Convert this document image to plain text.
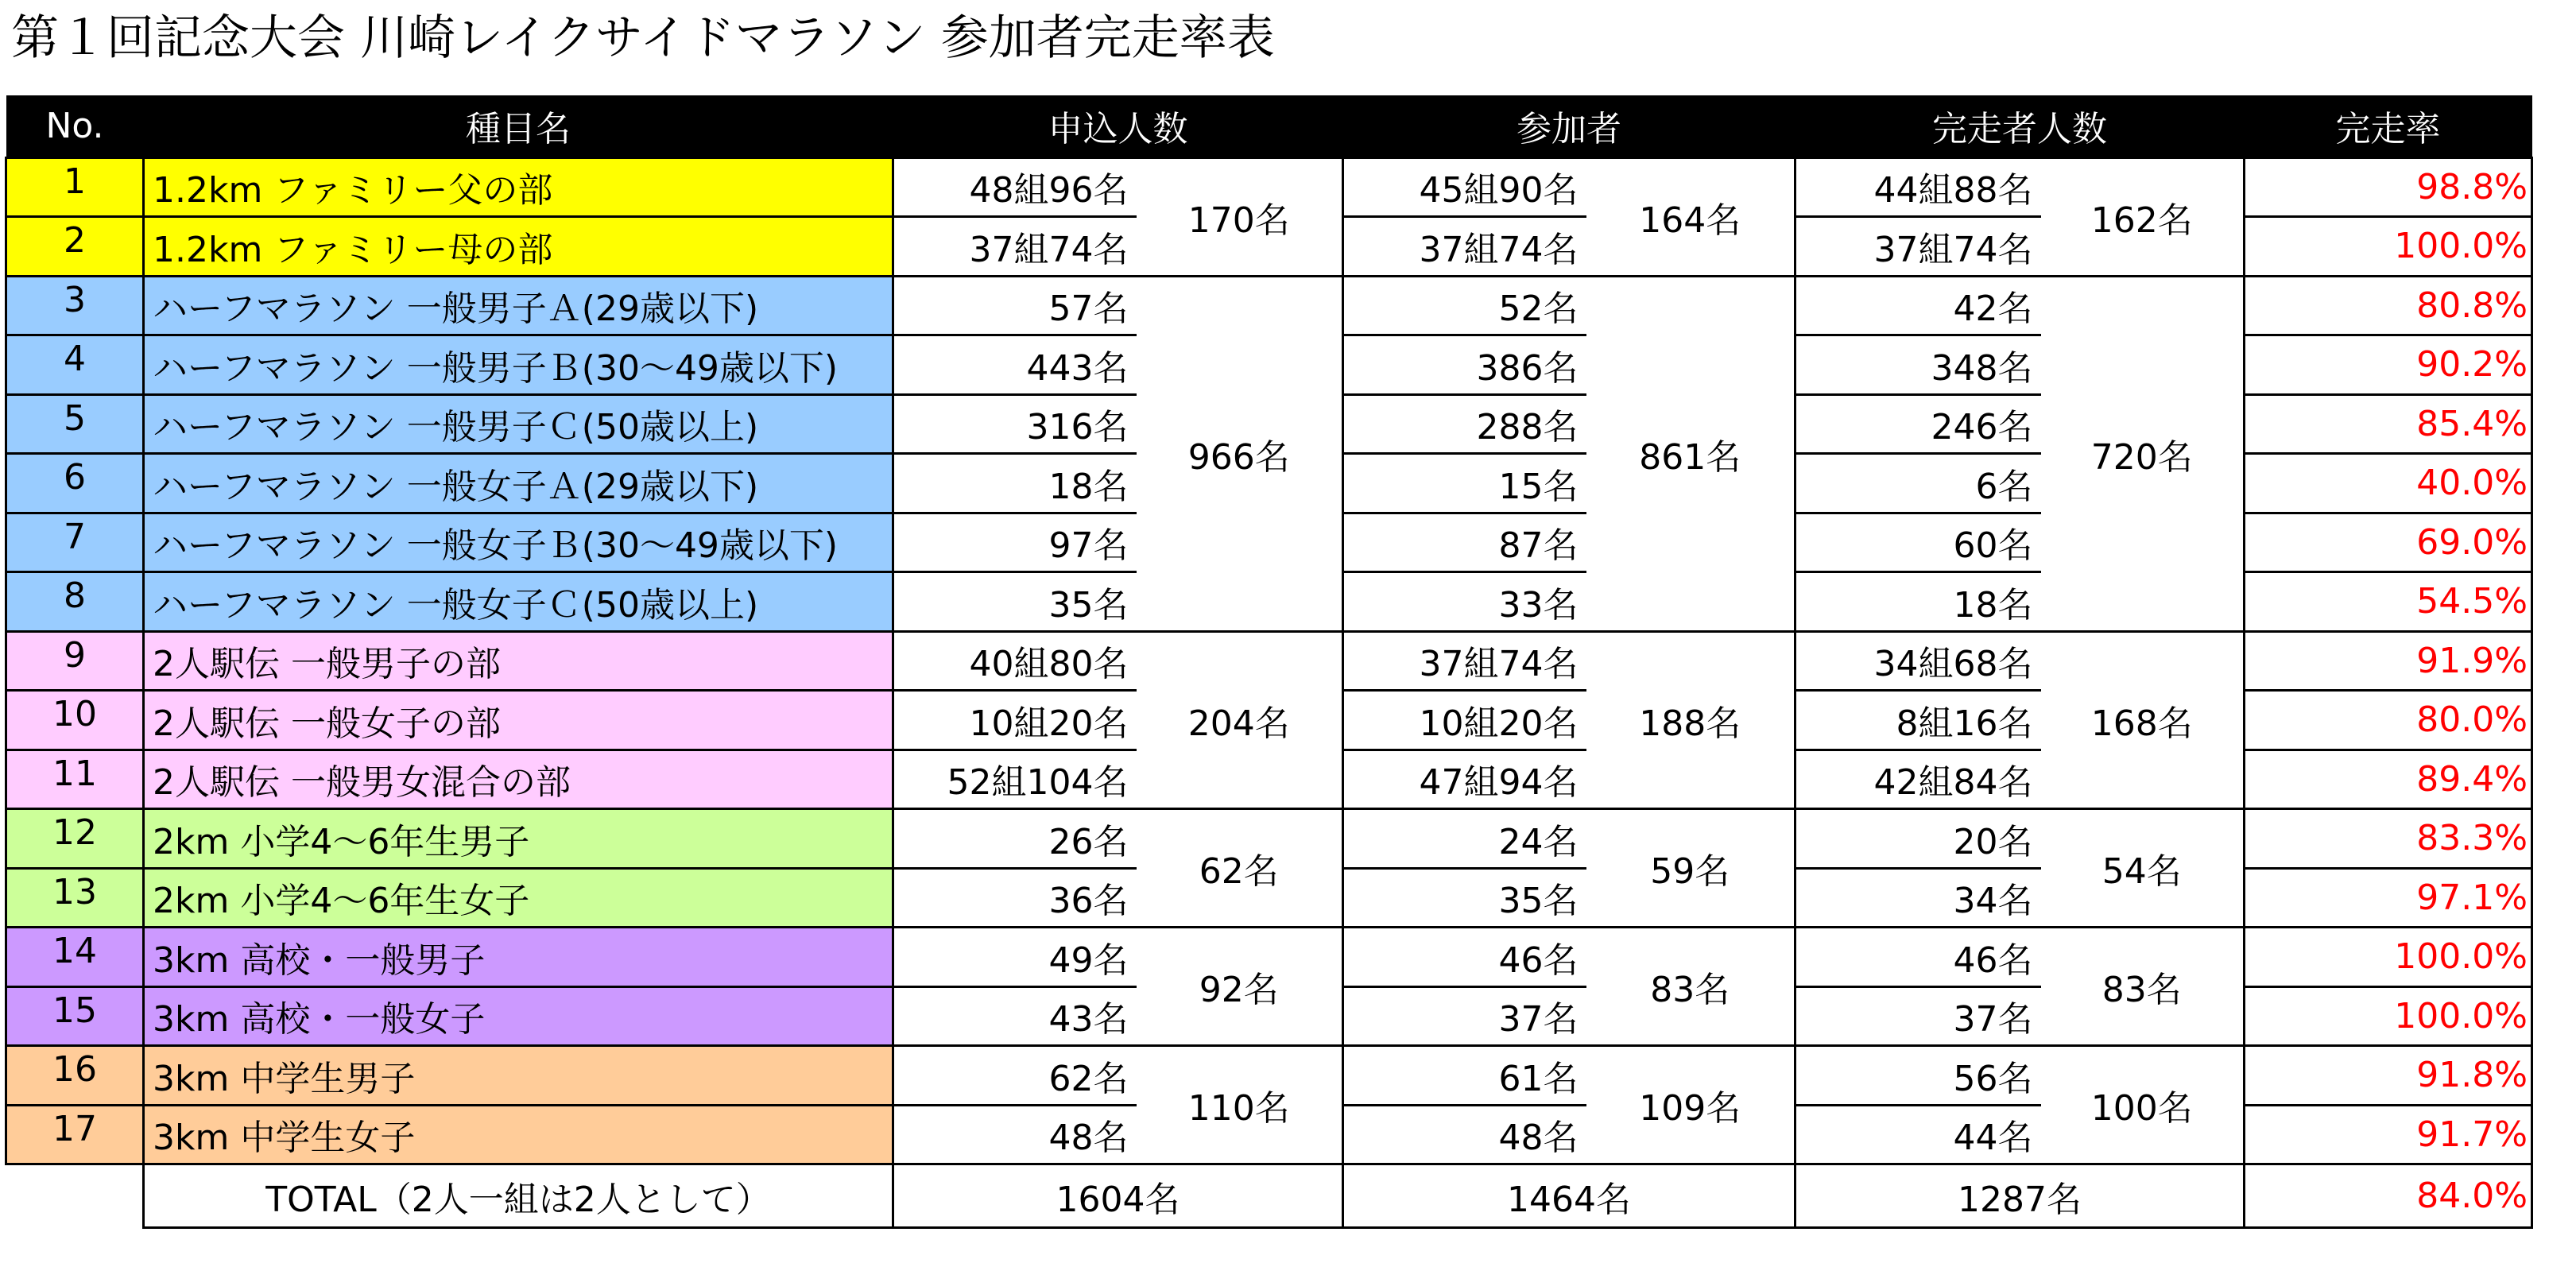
第１回記念大会 川崎レイクサイドマラソン 参加者完走率表
No.	種目名	申込人数		参加者		完走者人数		完走率
1	1.2km ファミリー父の部	48組96名	170名	45組90名	164名	44組88名	162名	98.8%
2	1.2km ファミリー母の部	37組74名		37組74名		37組74名		100.0%
3	ハーフマラソン 一般男子Ａ(29歳以下)	57名	966名	52名	861名	42名	720名	80.8%
4	ハーフマラソン 一般男子Ｂ(30～49歳以下)	443名		386名		348名		90.2%
5	ハーフマラソン 一般男子Ｃ(50歳以上)	316名		288名		246名		85.4%
6	ハーフマラソン 一般女子Ａ(29歳以下)	18名		15名		6名		40.0%
7	ハーフマラソン 一般女子Ｂ(30～49歳以下)	97名		87名		60名		69.0%
8	ハーフマラソン 一般女子Ｃ(50歳以上)	35名		33名		18名		54.5%
9	2人駅伝 一般男子の部	40組80名	204名	37組74名	188名	34組68名	168名	91.9%
10	2人駅伝 一般女子の部	10組20名		10組20名		8組16名		80.0%
11	2人駅伝 一般男女混合の部	52組104名		47組94名		42組84名		89.4%
12	2km 小学4～6年生男子	26名	62名	24名	59名	20名	54名	83.3%
13	2km 小学4～6年生女子	36名		35名		34名		97.1%
14	3km 高校・一般男子	49名	92名	46名	83名	46名	83名	100.0%
15	3km 高校・一般女子	43名		37名		37名		100.0%
16	3km 中学生男子	62名	110名	61名	109名	56名	100名	91.8%
17	3km 中学生女子	48名		48名		44名		91.7%
	TOTAL（2人一組は2人として）	1604名		1464名		1287名		84.0%
